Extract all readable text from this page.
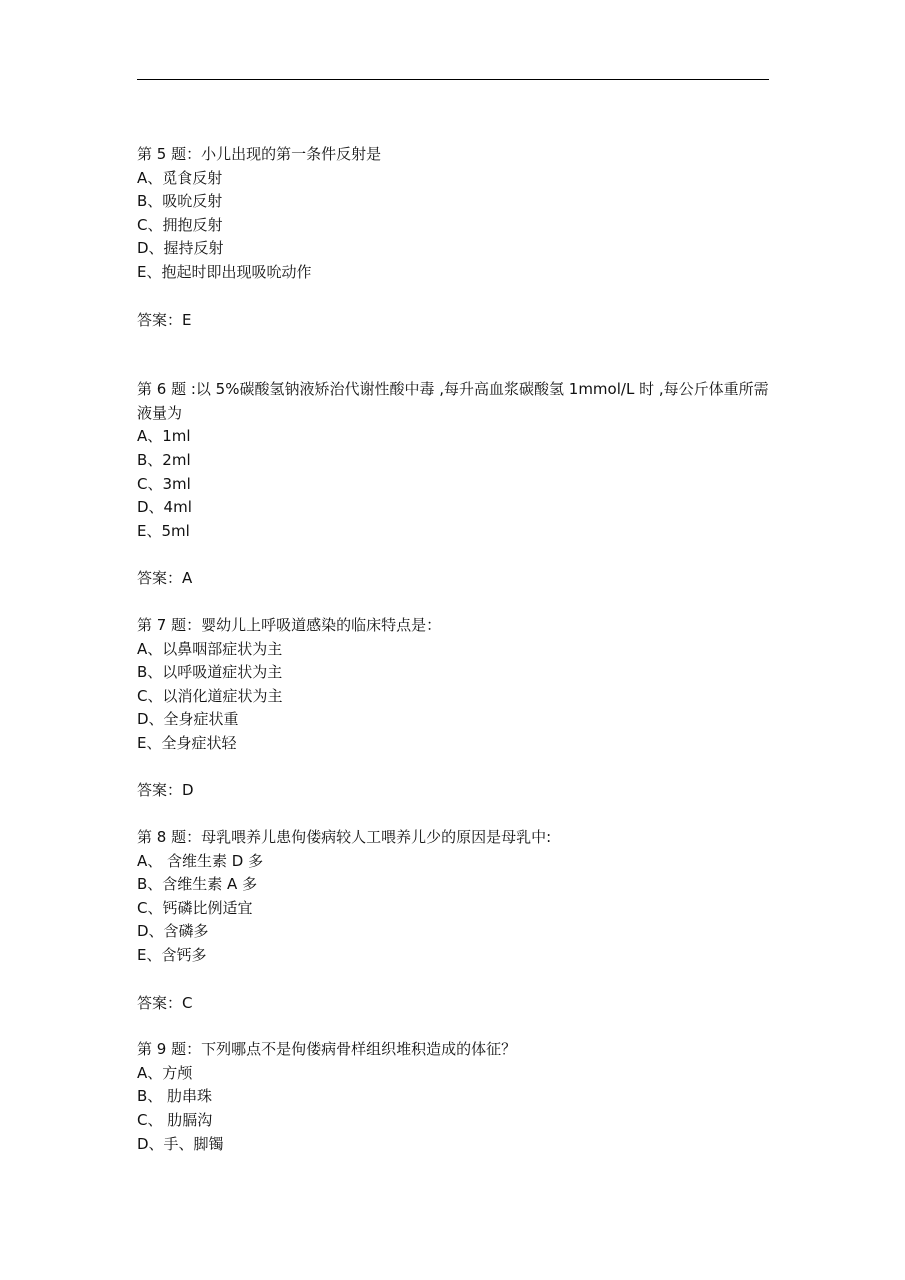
第 5 题：小儿出现的第一条件反射是
A、觅食反射
B、吸吮反射
C、拥抱反射
D、握持反射
E、抱起时即出现吸吮动作
答案：E
第 6 题 :以 5%碳酸氢钠液矫治代谢性酸中毒 ,每升高血浆碳酸氢 1mmol/L 时 ,每公斤体重所需液量为
A、1ml
B、2ml
C、3ml
D、4ml
E、5ml
答案：A
第 7 题：婴幼儿上呼吸道感染的临床特点是：
A、以鼻咽部症状为主
B、以呼吸道症状为主
C、以消化道症状为主
D、全身症状重
E、全身症状轻
答案：D
第 8 题：母乳喂养儿患佝偻病较人工喂养儿少的原因是母乳中:
A、 含维生素 D 多
B、含维生素 A 多
C、钙磷比例适宜
D、含磷多
E、含钙多
答案：C
第 9 题：下列哪点不是佝偻病骨样组织堆积造成的体征？
A、方颅
B、 肋串珠
C、 肋膈沟
D、手、脚镯
